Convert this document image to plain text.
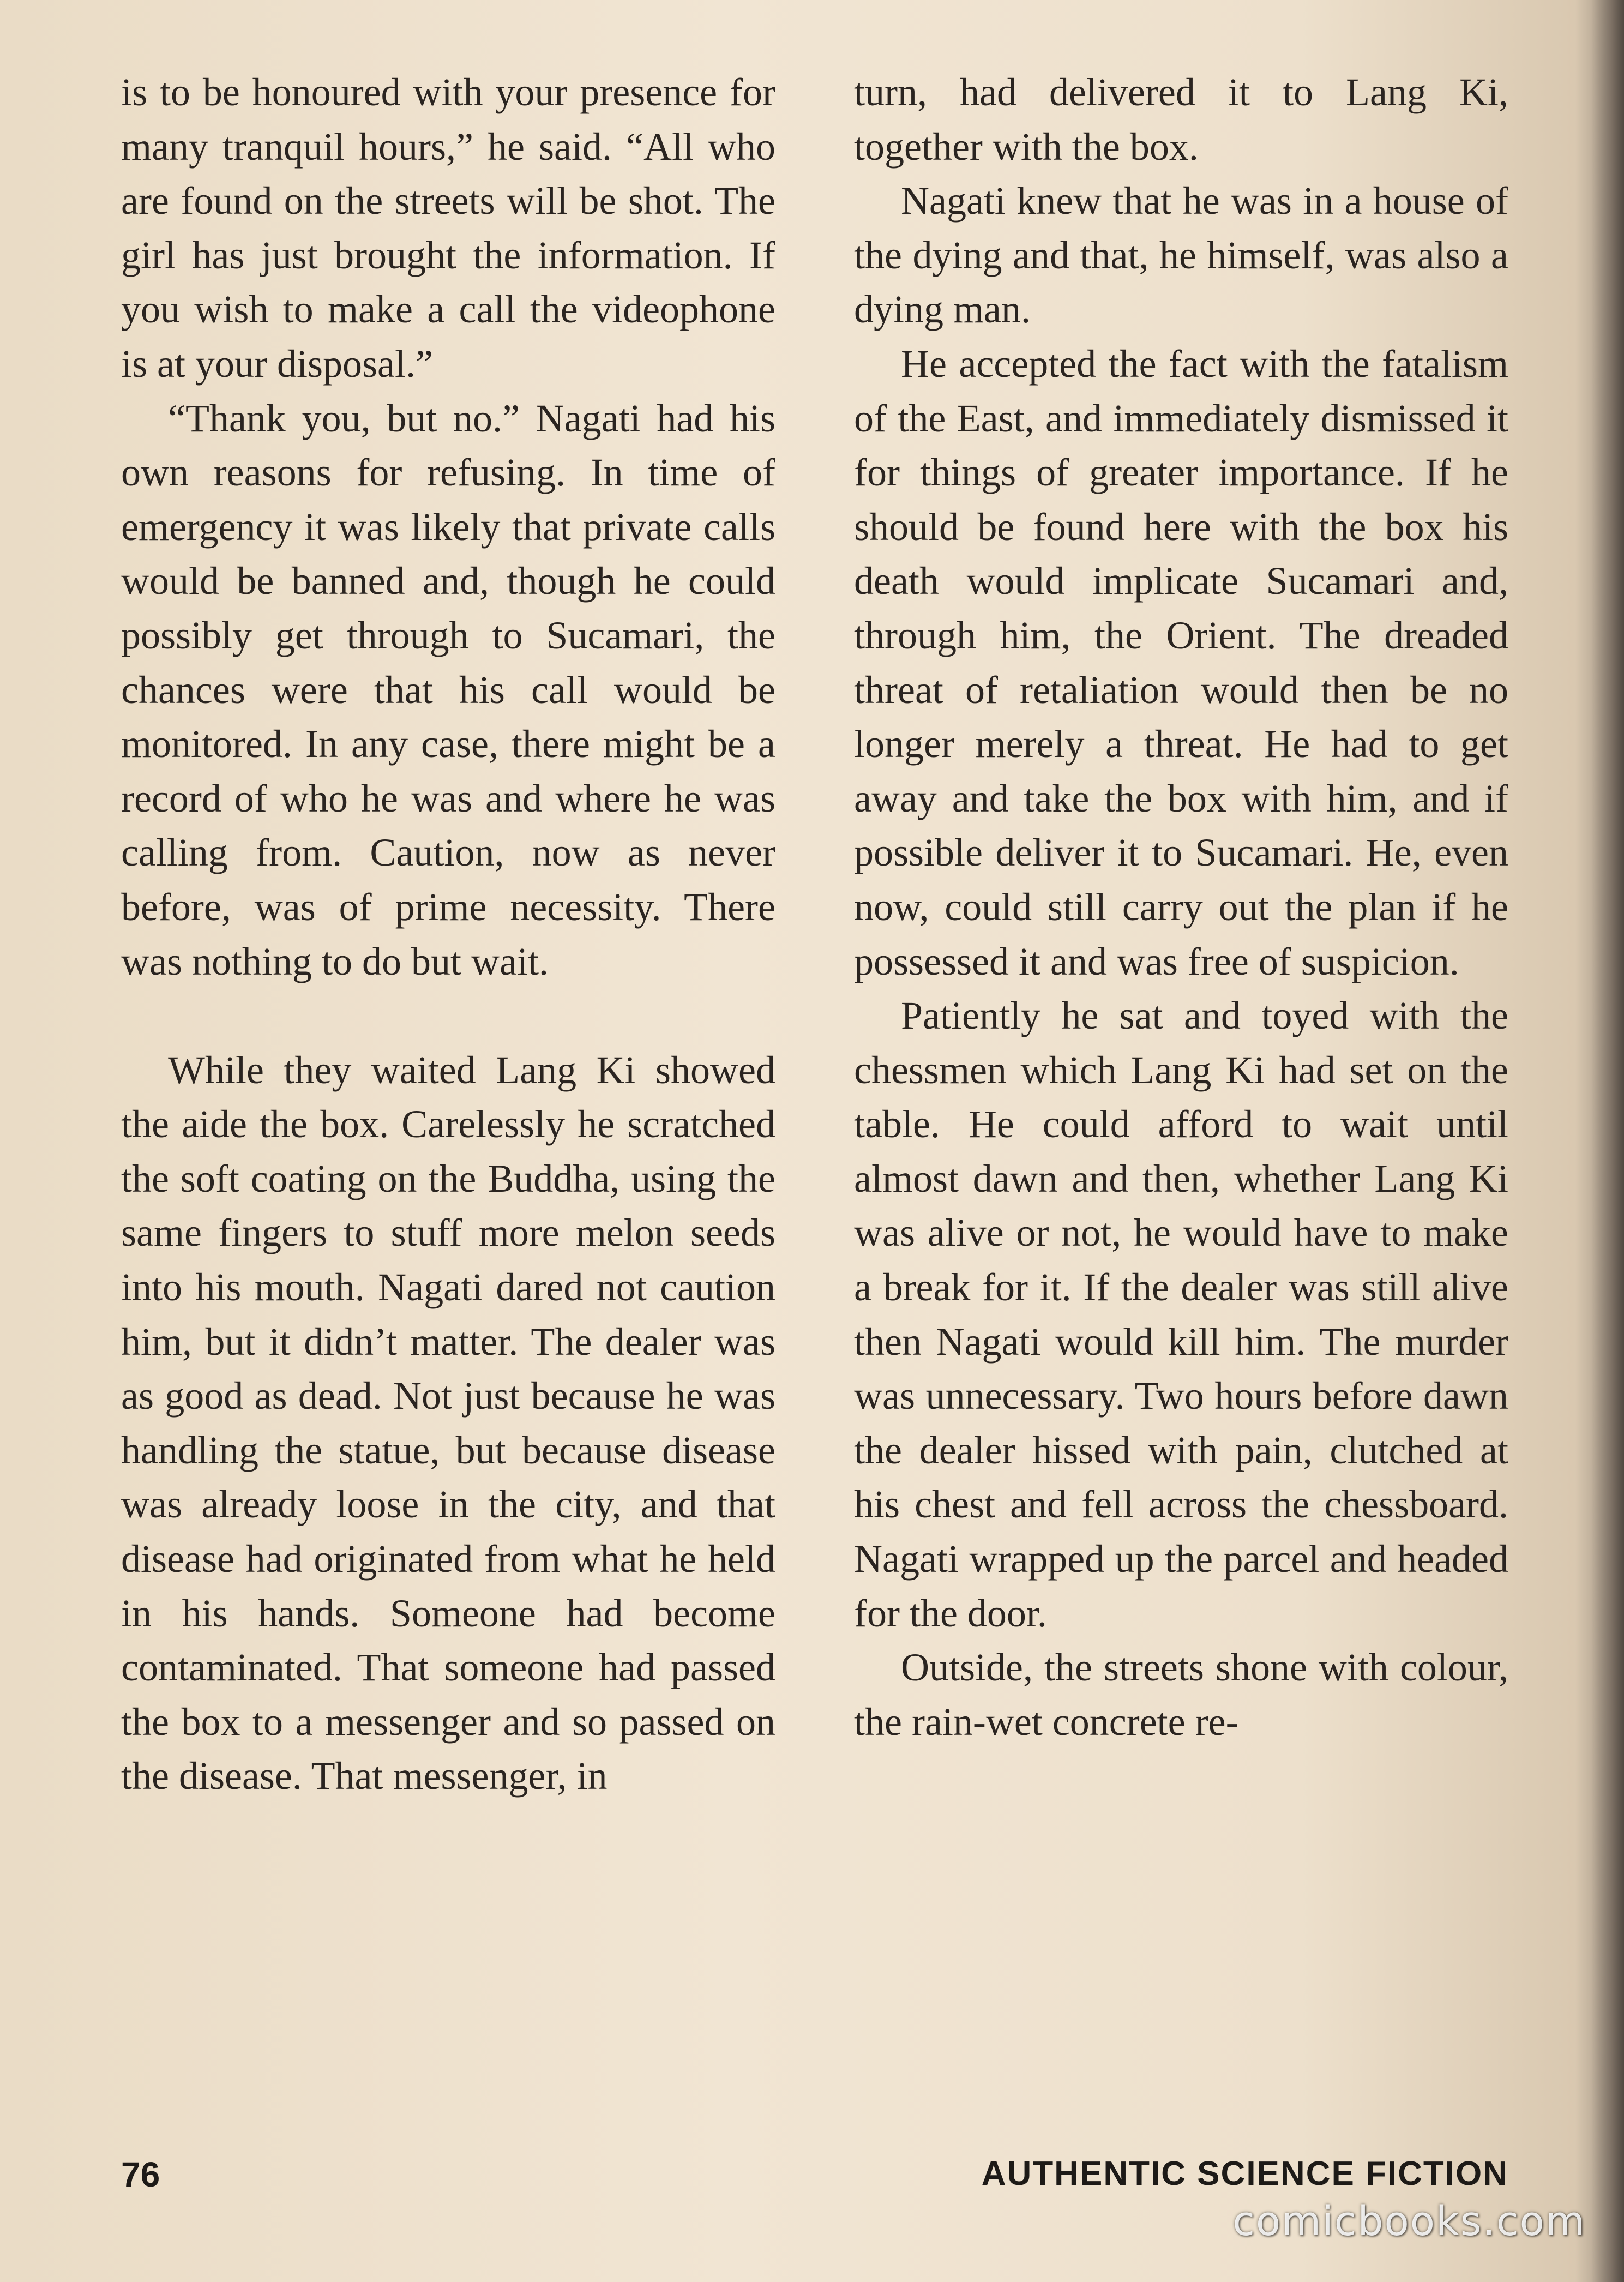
is to be honoured with your presence for many tranquil hours,” he said. “All who are found on the streets will be shot. The girl has just brought the information. If you wish to make a call the videophone is at your disposal.”

“Thank you, but no.” Nagati had his own reasons for refusing. In time of emergency it was likely that private calls would be banned and, though he could possibly get through to Sucamari, the chances were that his call would be monitored. In any case, there might be a record of who he was and where he was calling from. Caution, now as never before, was of prime necessity. There was nothing to do but wait.

While they waited Lang Ki showed the aide the box. Carelessly he scratched the soft coating on the Buddha, using the same fingers to stuff more melon seeds into his mouth. Nagati dared not caution him, but it didn’t matter. The dealer was as good as dead. Not just because he was handling the statue, but because disease was already loose in the city, and that disease had originated from what he held in his hands. Someone had become contaminated. That someone had passed the box to a messenger and so passed on the disease. That messenger, in

turn, had delivered it to Lang Ki, together with the box.

Nagati knew that he was in a house of the dying and that, he himself, was also a dying man.

He accepted the fact with the fatalism of the East, and immediately dismissed it for things of greater importance. If he should be found here with the box his death would implicate Sucamari and, through him, the Orient. The dreaded threat of retaliation would then be no longer merely a threat. He had to get away and take the box with him, and if possible deliver it to Sucamari. He, even now, could still carry out the plan if he possessed it and was free of suspicion.

Patiently he sat and toyed with the chessmen which Lang Ki had set on the table. He could afford to wait until almost dawn and then, whether Lang Ki was alive or not, he would have to make a break for it. If the dealer was still alive then Nagati would kill him. The murder was unnecessary. Two hours before dawn the dealer hissed with pain, clutched at his chest and fell across the chessboard. Nagati wrapped up the parcel and headed for the door.

Outside, the streets shone with colour, the rain-wet concrete re-

76	AUTHENTIC SCIENCE FICTION
comicbooks.com
